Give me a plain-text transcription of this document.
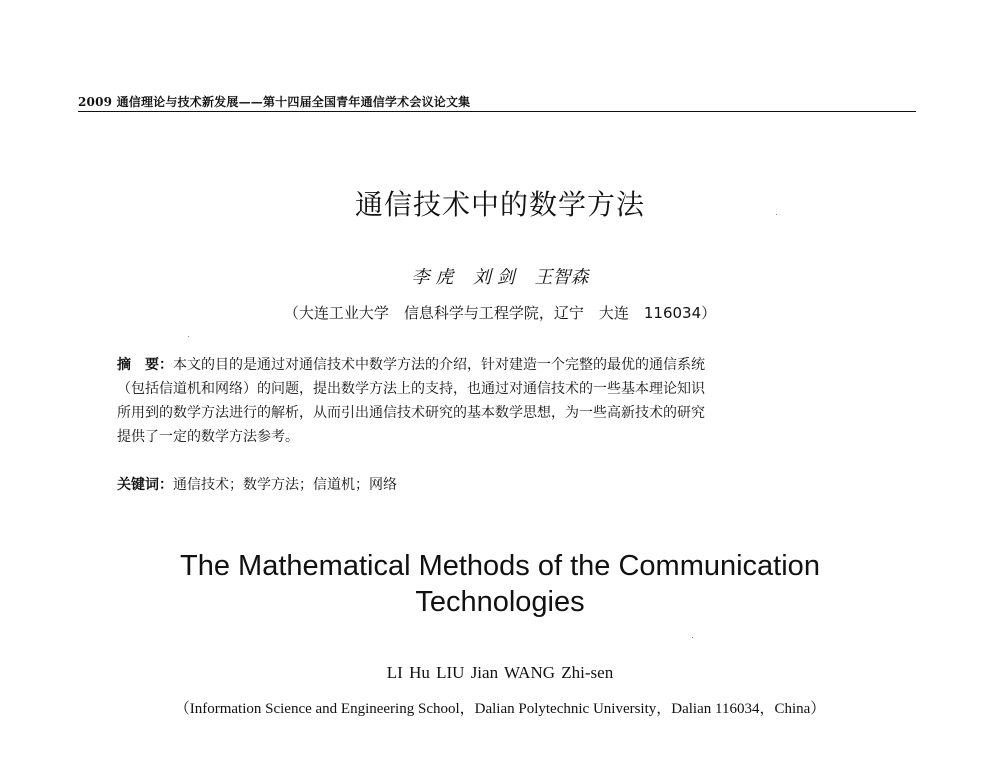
2009 通信理论与技术新发展——第十四届全国青年通信学术会议论文集
通信技术中的数学方法
李 虎 刘 剑 王智森
（大连工业大学　信息科学与工程学院，辽宁　大连　116034）
摘　要：本文的目的是通过对通信技术中数学方法的介绍，针对建造一个完整的最优的通信系统
（包括信道机和网络）的问题，提出数学方法上的支持，也通过对通信技术的一些基本理论知识
所用到的数学方法进行的解析，从而引出通信技术研究的基本数学思想，为一些高新技术的研究
提供了一定的数学方法参考。
关键词：通信技术；数学方法；信道机；网络
The Mathematical Methods of the Communication
Technologies
LI Hu LIU Jian WANG Zhi-sen
（Information Science and Engineering School，Dalian Polytechnic University，Dalian 116034，China）
